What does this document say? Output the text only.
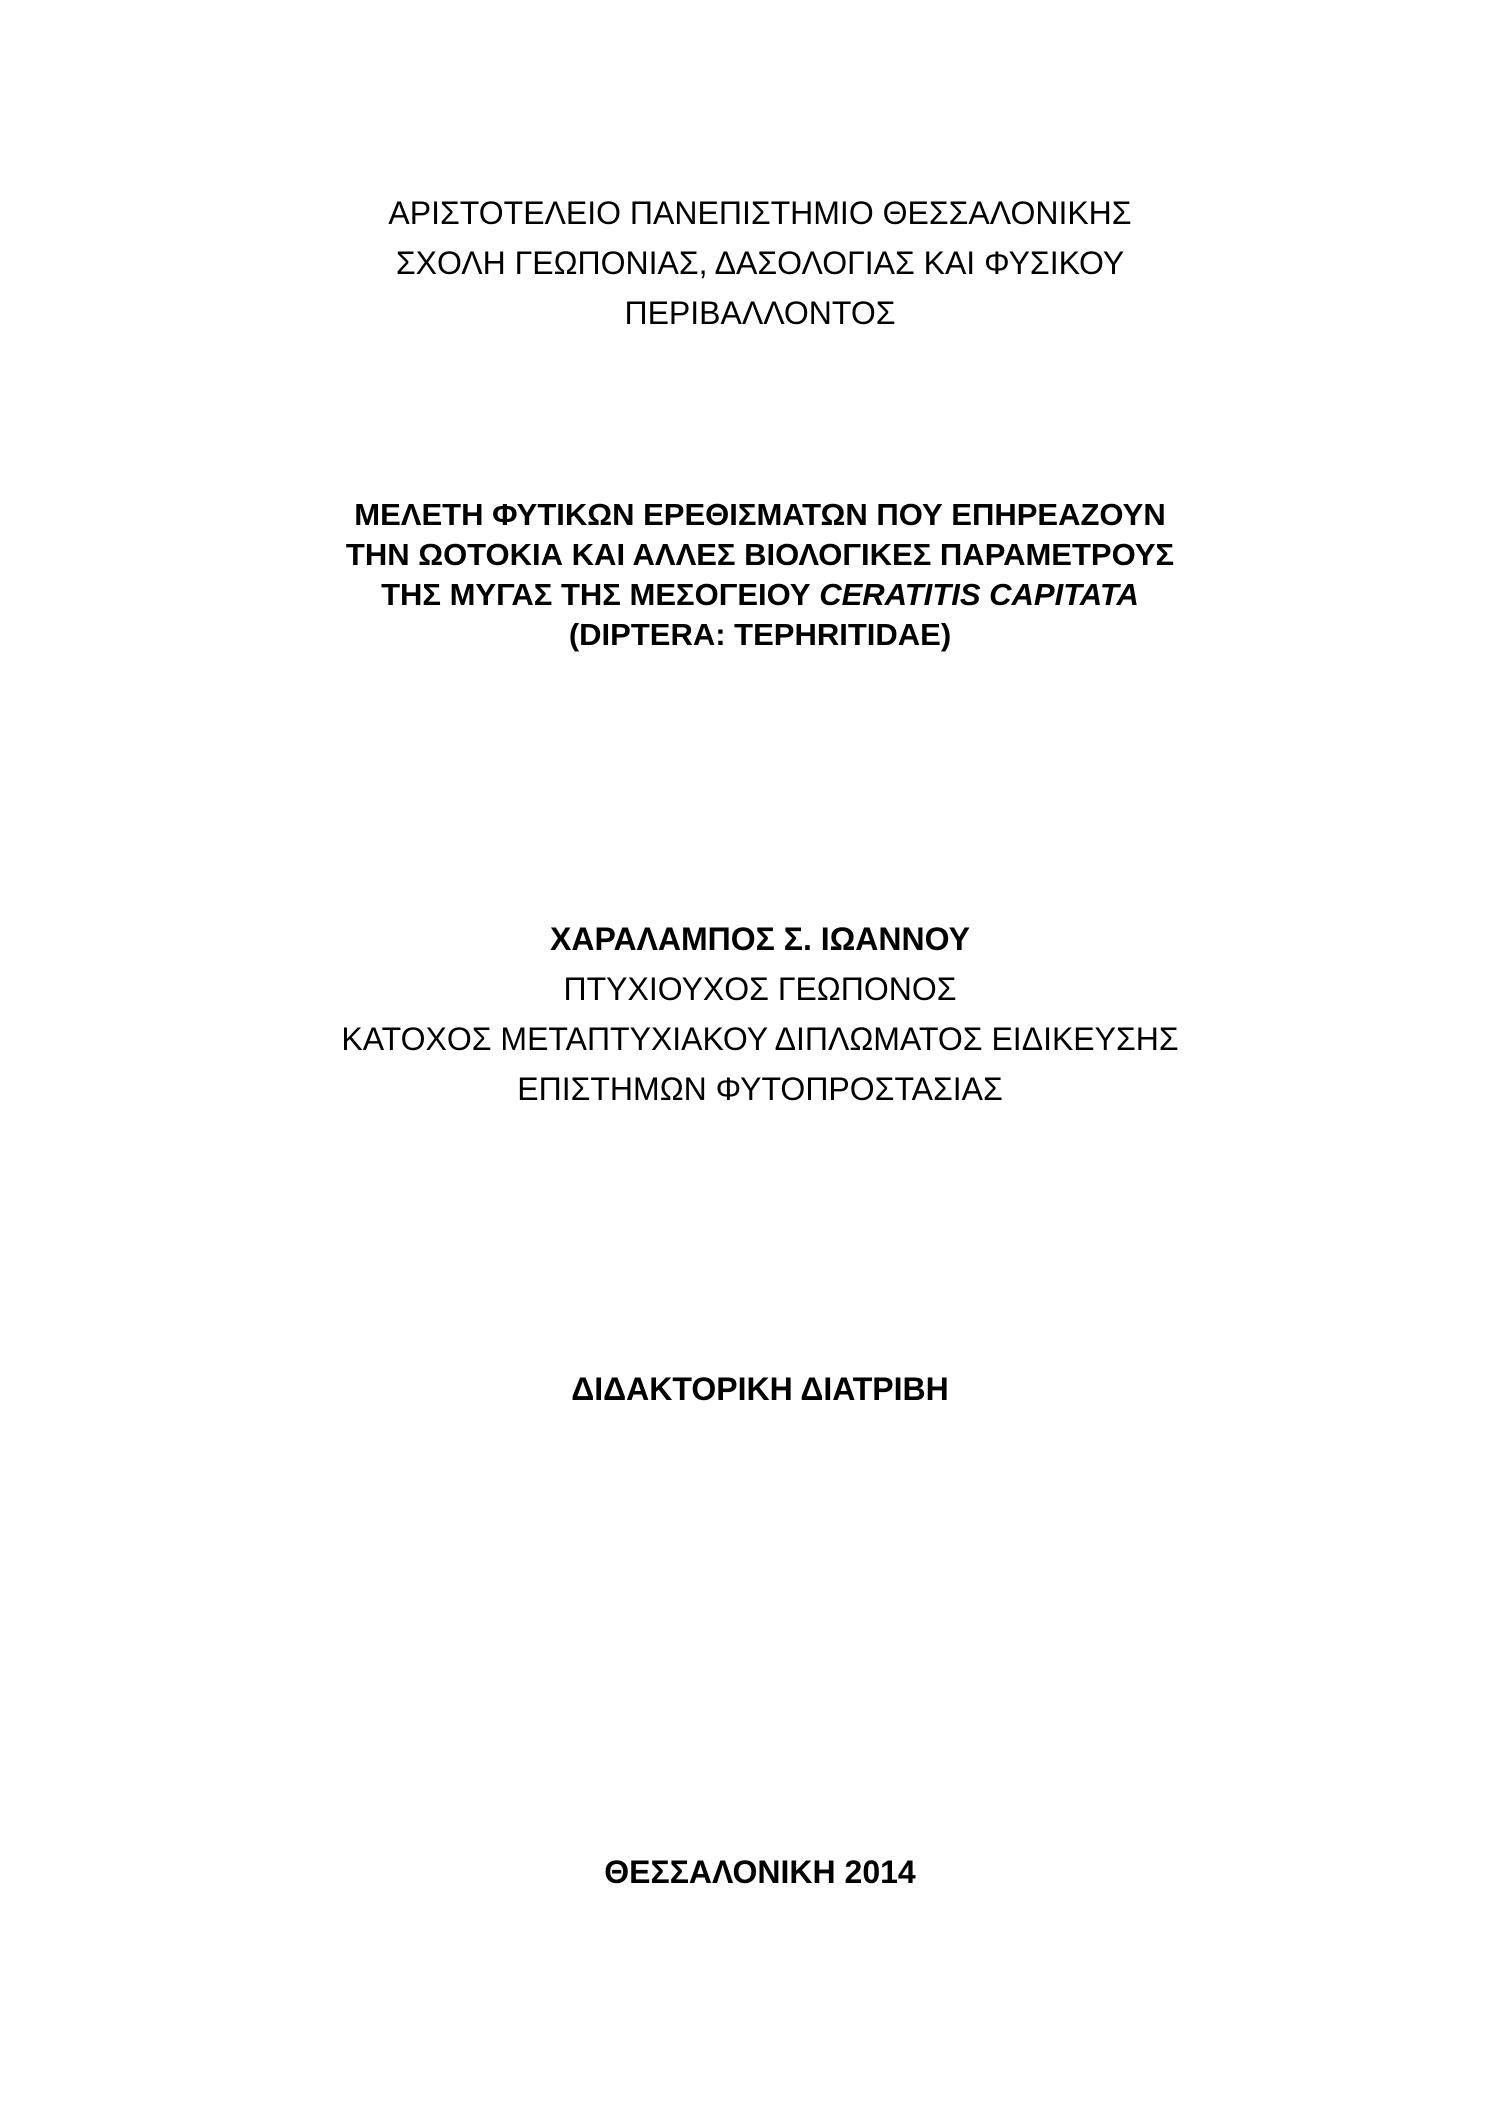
ΑΡΙΣΤΟΤΕΛΕΙΟ ΠΑΝΕΠΙΣΤΗΜΙΟ ΘΕΣΣΑΛΟΝΙΚΗΣ
ΣΧΟΛΗ ΓΕΩΠΟΝΙΑΣ, ΔΑΣΟΛΟΓΙΑΣ ΚΑΙ ΦΥΣΙΚΟΥ
ΠΕΡΙΒΑΛΛΟΝΤΟΣ
ΜΕΛΕΤΗ ΦΥΤΙΚΩΝ ΕΡΕΘΙΣΜΑΤΩΝ ΠΟΥ ΕΠΗΡΕΑΖΟΥΝ
ΤΗΝ ΩΟΤΟΚΙΑ ΚΑΙ ΑΛΛΕΣ ΒΙΟΛΟΓΙΚΕΣ ΠΑΡΑΜΕΤΡΟΥΣ
ΤΗΣ ΜΥΓΑΣ ΤΗΣ ΜΕΣΟΓΕΙΟΥ CERATITIS CAPITATA
(DIPTERA: TEPHRITIDAE)
ΧΑΡΑΛΑΜΠΟΣ Σ. ΙΩΑΝΝΟΥ
ΠΤΥΧΙΟΥΧΟΣ ΓΕΩΠΟΝΟΣ
ΚΑΤΟΧΟΣ ΜΕΤΑΠΤΥΧΙΑΚΟΥ ΔΙΠΛΩΜΑΤΟΣ ΕΙΔΙΚΕΥΣΗΣ
ΕΠΙΣΤΗΜΩΝ ΦΥΤΟΠΡΟΣΤΑΣΙΑΣ
ΔΙΔΑΚΤΟΡΙΚΗ ΔΙΑΤΡΙΒΗ
ΘΕΣΣΑΛΟΝΙΚΗ 2014
